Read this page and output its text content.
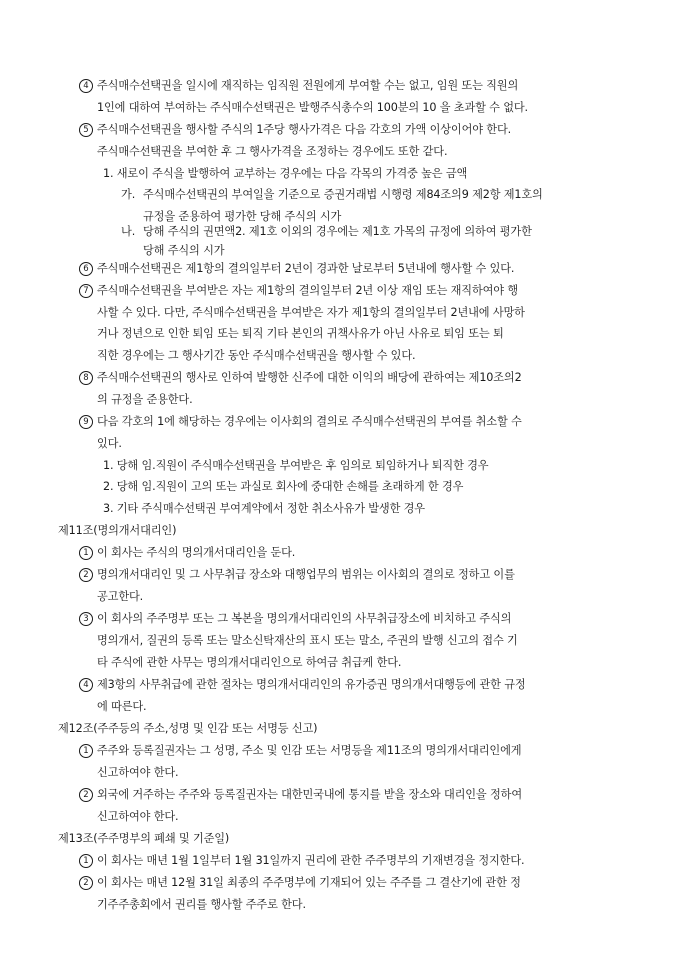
4 주식매수선택권을 일시에 재직하는 임직원 전원에게 부여할 수는 없고, 임원 또는 직원의
1인에 대하여 부여하는 주식매수선택권은 발행주식총수의 100분의 10 을 초과할 수 없다.
5 주식매수선택권을 행사할 주식의 1주당 행사가격은 다음 각호의 가액 이상이어야 한다.
주식매수선택권을 부여한 후 그 행사가격을 조정하는 경우에도 또한 같다.
1. 새로이 주식을 발행하여 교부하는 경우에는 다음 각목의 가격중 높은 금액
가. 주식매수선택권의 부여일을 기준으로 증권거래법 시행령 제84조의9 제2항 제1호의
규정을 준용하여 평가한 당해 주식의 시가
나. 당해 주식의 권면액2. 제1호 이외의 경우에는 제1호 가목의 규정에 의하여 평가한
당해 주식의 시가
6 주식매수선택권은 제1항의 결의일부터 2년이 경과한 날로부터 5년내에 행사할 수 있다.
7 주식매수선택권을 부여받은 자는 제1항의 결의일부터 2년 이상 재임 또는 재직하여야 행
사할 수 있다. 다만, 주식매수선택권을 부여받은 자가 제1항의 결의일부터 2년내에 사망하
거나 정년으로 인한 퇴임 또는 퇴직 기타 본인의 귀책사유가 아닌 사유로 퇴임 또는 퇴
직한 경우에는 그 행사기간 동안 주식매수선택권을 행사할 수 있다.
8 주식매수선택권의 행사로 인하여 발행한 신주에 대한 이익의 배당에 관하여는 제10조의2
의 규정을 준용한다.
9 다음 각호의 1에 해당하는 경우에는 이사회의 결의로 주식매수선택권의 부여를 취소할 수
있다.
1. 당해 임.직원이 주식매수선택권을 부여받은 후 임의로 퇴임하거나 퇴직한 경우
2. 당해 임.직원이 고의 또는 과실로 회사에 중대한 손해를 초래하게 한 경우
3. 기타 주식매수선택권 부여계약에서 정한 취소사유가 발생한 경우
제11조(명의개서대리인)
1 이 회사는 주식의 명의개서대리인을 둔다.
2 명의개서대리인 및 그 사무취급 장소와 대행업무의 범위는 이사회의 결의로 정하고 이를
공고한다.
3 이 회사의 주주명부 또는 그 복본을 명의개서대리인의 사무취급장소에 비치하고 주식의
명의개서, 질권의 등록 또는 말소신탁재산의 표시 또는 말소, 주권의 발행 신고의 접수 기
타 주식에 관한 사무는 명의개서대리인으로 하여금 취급케 한다.
4 제3항의 사무취급에 관한 절차는 명의개서대리인의 유가증권 명의개서대행등에 관한 규정
에 따른다.
제12조(주주등의 주소,성명 및 인감 또는 서명등 신고)
1 주주와 등록질권자는 그 성명, 주소 및 인감 또는 서명등을 제11조의 명의개서대리인에게
신고하여야 한다.
2 외국에 거주하는 주주와 등록질권자는 대한민국내에 통지를 받을 장소와 대리인을 정하여
신고하여야 한다.
제13조(주주명부의 폐쇄 및 기준일)
1 이 회사는 매년 1월 1일부터 1월 31일까지 권리에 관한 주주명부의 기재변경을 정지한다.
2 이 회사는 매년 12월 31일 최종의 주주명부에 기재되어 있는 주주를 그 결산기에 관한 정
기주주총회에서 권리를 행사할 주주로 한다.
